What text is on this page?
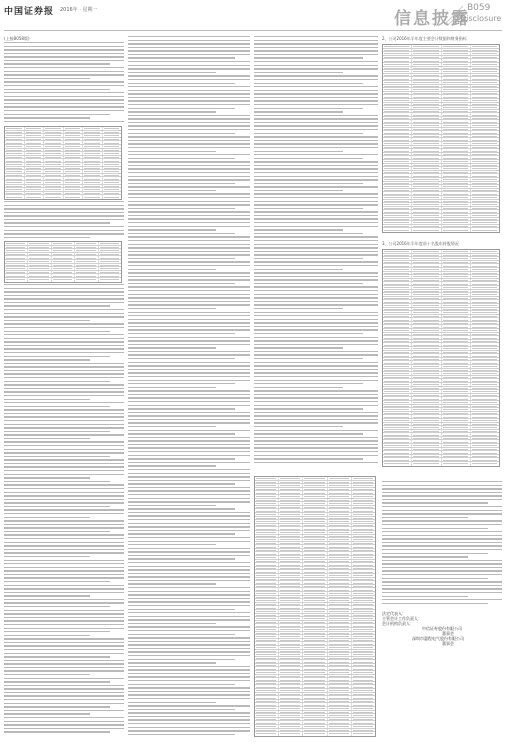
中国证券报 2016年 · 星期一	信息披露
B059
Disclosure
(上接B058版)	2、公司2016年半年度主要会计数据和财务指标
3、公司2016年半年度前十名股东持股情况
法定代表人：
主管会计工作负责人：
会计机构负责人：
中信证券股份有限公司
董事会
深圳市惠程电气股份有限公司
董事会
